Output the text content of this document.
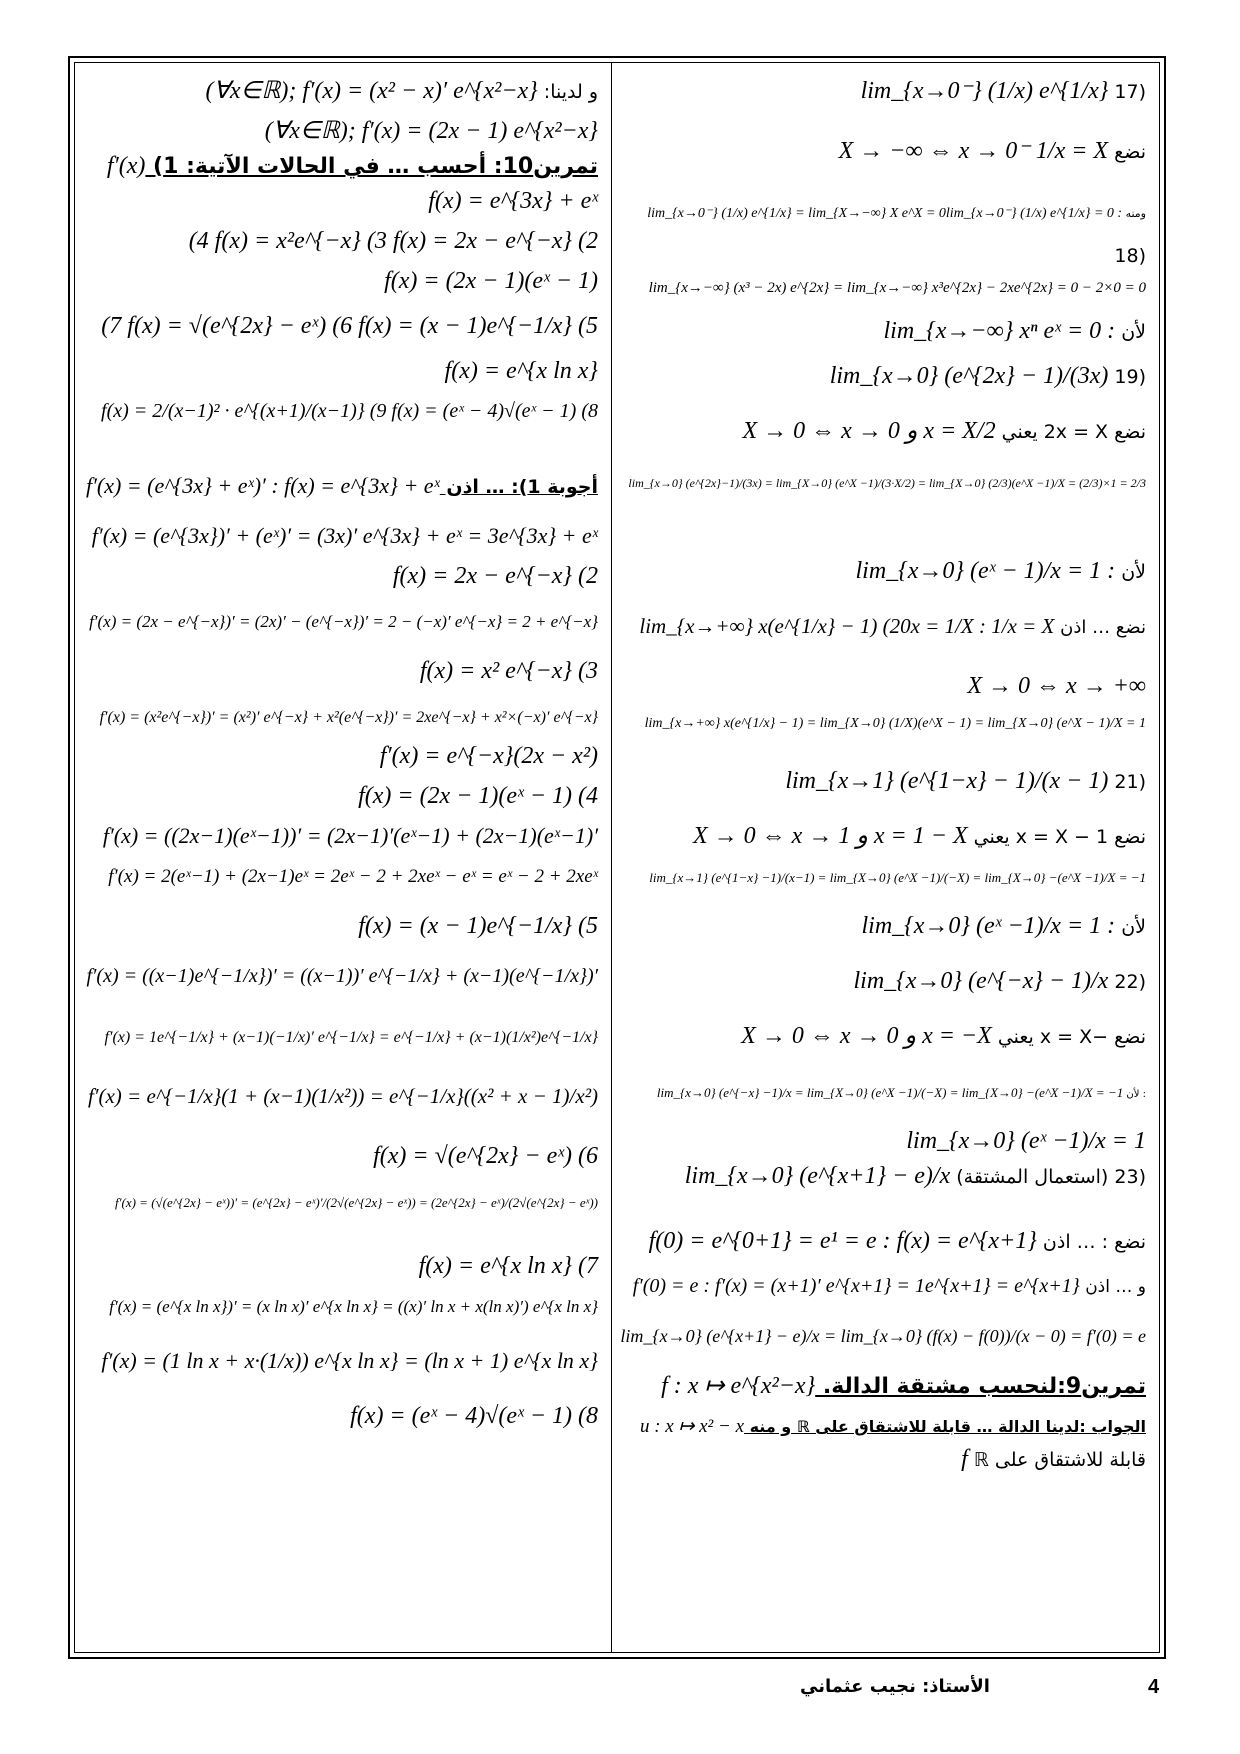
(17 lim_{x→0⁻} (1/x) e^{1/x}
نضع X → −∞ ⇔ x → 0⁻ 1/x = X
ومنه lim_{x→0⁻} (1/x) e^{1/x} = 0 : lim_{x→0⁻} (1/x) e^{1/x} = lim_{X→−∞} X e^X = 0
(18
lim_{x→−∞} (x³ − 2x) e^{2x} = lim_{x→−∞} x³e^{2x} − 2xe^{2x} = 0 − 2×0 = 0
لأن lim_{x→−∞} xⁿ eˣ = 0 :
(19 lim_{x→0} (e^{2x} − 1)/(3x)
نضع 2x = X يعني X → 0 ⇔ x → 0 و x = X/2
lim_{x→0} (e^{2x}−1)/(3x) = lim_{X→0} (e^X −1)/(3·X/2) = lim_{X→0} (2/3)(e^X −1)/X = (2/3)×1 = 2/3
لأن lim_{x→0} (eˣ − 1)/x = 1 :
نضع … اذن x = 1/X : 1/x = X lim_{x→+∞} x(e^{1/x} − 1) (20
X → 0 ⇔ x → +∞
lim_{x→+∞} x(e^{1/x} − 1) = lim_{X→0} (1/X)(e^X − 1) = lim_{X→0} (e^X − 1)/X = 1
(21 lim_{x→1} (e^{1−x} − 1)/(x − 1)
نضع 1 − x = X يعني X → 0 ⇔ x → 1 و x = 1 − X
lim_{x→1} (e^{1−x} −1)/(x−1) = lim_{X→0} (e^X −1)/(−X) = lim_{X→0} −(e^X −1)/X = −1
لأن lim_{x→0} (eˣ −1)/x = 1 :
(22 lim_{x→0} (e^{−x} − 1)/x
نضع −x = X يعني X → 0 ⇔ x → 0 و x = −X
: لأن lim_{x→0} (e^{−x} −1)/x = lim_{X→0} (e^X −1)/(−X) = lim_{X→0} −(e^X −1)/X = −1
lim_{x→0} (eˣ −1)/x = 1
(23 (استعمال المشتقة) lim_{x→0} (e^{x+1} − e)/x
نضع : … اذن f(0) = e^{0+1} = e¹ = e : f(x) = e^{x+1}
و … اذن f′(0) = e : f′(x) = (x+1)′ e^{x+1} = 1e^{x+1} = e^{x+1}
lim_{x→0} (e^{x+1} − e)/x = lim_{x→0} (f(x) − f(0))/(x − 0) = f′(0) = e
تمرين9:لنحسب مشتقة الدالة. f : x ↦ e^{x²−x}
الجواب :لدينا الدالة … قابلة للاشتقاق على ℝ و منه u : x ↦ x² − x
قابلة للاشتقاق على ℝ f
و لدينا: (∀x∈ℝ); f′(x) = (x² − x)′ e^{x²−x}
(∀x∈ℝ); f′(x) = (2x − 1) e^{x²−x}
تمرين10: أحسب … في الحالات الآتية: 1) f′(x)
f(x) = e^{3x} + eˣ
(4 f(x) = x²e^{−x} (3 f(x) = 2x − e^{−x} (2
f(x) = (2x − 1)(eˣ − 1)
(7 f(x) = √(e^{2x} − eˣ) (6 f(x) = (x − 1)e^{−1/x} (5
f(x) = e^{x ln x}
f(x) = 2/(x−1)² · e^{(x+1)/(x−1)} (9 f(x) = (eˣ − 4)√(eˣ − 1) (8
أجوبة 1): … اذن f′(x) = (e^{3x} + eˣ)′ : f(x) = e^{3x} + eˣ
f′(x) = (e^{3x})′ + (eˣ)′ = (3x)′ e^{3x} + eˣ = 3e^{3x} + eˣ
f(x) = 2x − e^{−x} (2
f′(x) = (2x − e^{−x})′ = (2x)′ − (e^{−x})′ = 2 − (−x)′ e^{−x} = 2 + e^{−x}
f(x) = x² e^{−x} (3
f′(x) = (x²e^{−x})′ = (x²)′ e^{−x} + x²(e^{−x})′ = 2xe^{−x} + x²×(−x)′ e^{−x}
f′(x) = e^{−x}(2x − x²)
f(x) = (2x − 1)(eˣ − 1) (4
f′(x) = ((2x−1)(eˣ−1))′ = (2x−1)′(eˣ−1) + (2x−1)(eˣ−1)′
f′(x) = 2(eˣ−1) + (2x−1)eˣ = 2eˣ − 2 + 2xeˣ − eˣ = eˣ − 2 + 2xeˣ
f(x) = (x − 1)e^{−1/x} (5
f′(x) = ((x−1)e^{−1/x})′ = ((x−1))′ e^{−1/x} + (x−1)(e^{−1/x})′
f′(x) = 1e^{−1/x} + (x−1)(−1/x)′ e^{−1/x} = e^{−1/x} + (x−1)(1/x²)e^{−1/x}
f′(x) = e^{−1/x}(1 + (x−1)(1/x²)) = e^{−1/x}((x² + x − 1)/x²)
f(x) = √(e^{2x} − eˣ) (6
f′(x) = (√(e^{2x} − eˣ))′ = (e^{2x} − eˣ)′/(2√(e^{2x} − eˣ)) = (2e^{2x} − eˣ)/(2√(e^{2x} − eˣ))
f(x) = e^{x ln x} (7
f′(x) = (e^{x ln x})′ = (x ln x)′ e^{x ln x} = ((x)′ ln x + x(ln x)′) e^{x ln x}
f′(x) = (1 ln x + x·(1/x)) e^{x ln x} = (ln x + 1) e^{x ln x}
f(x) = (eˣ − 4)√(eˣ − 1) (8
4
الأستاذ: نجيب عثماني
